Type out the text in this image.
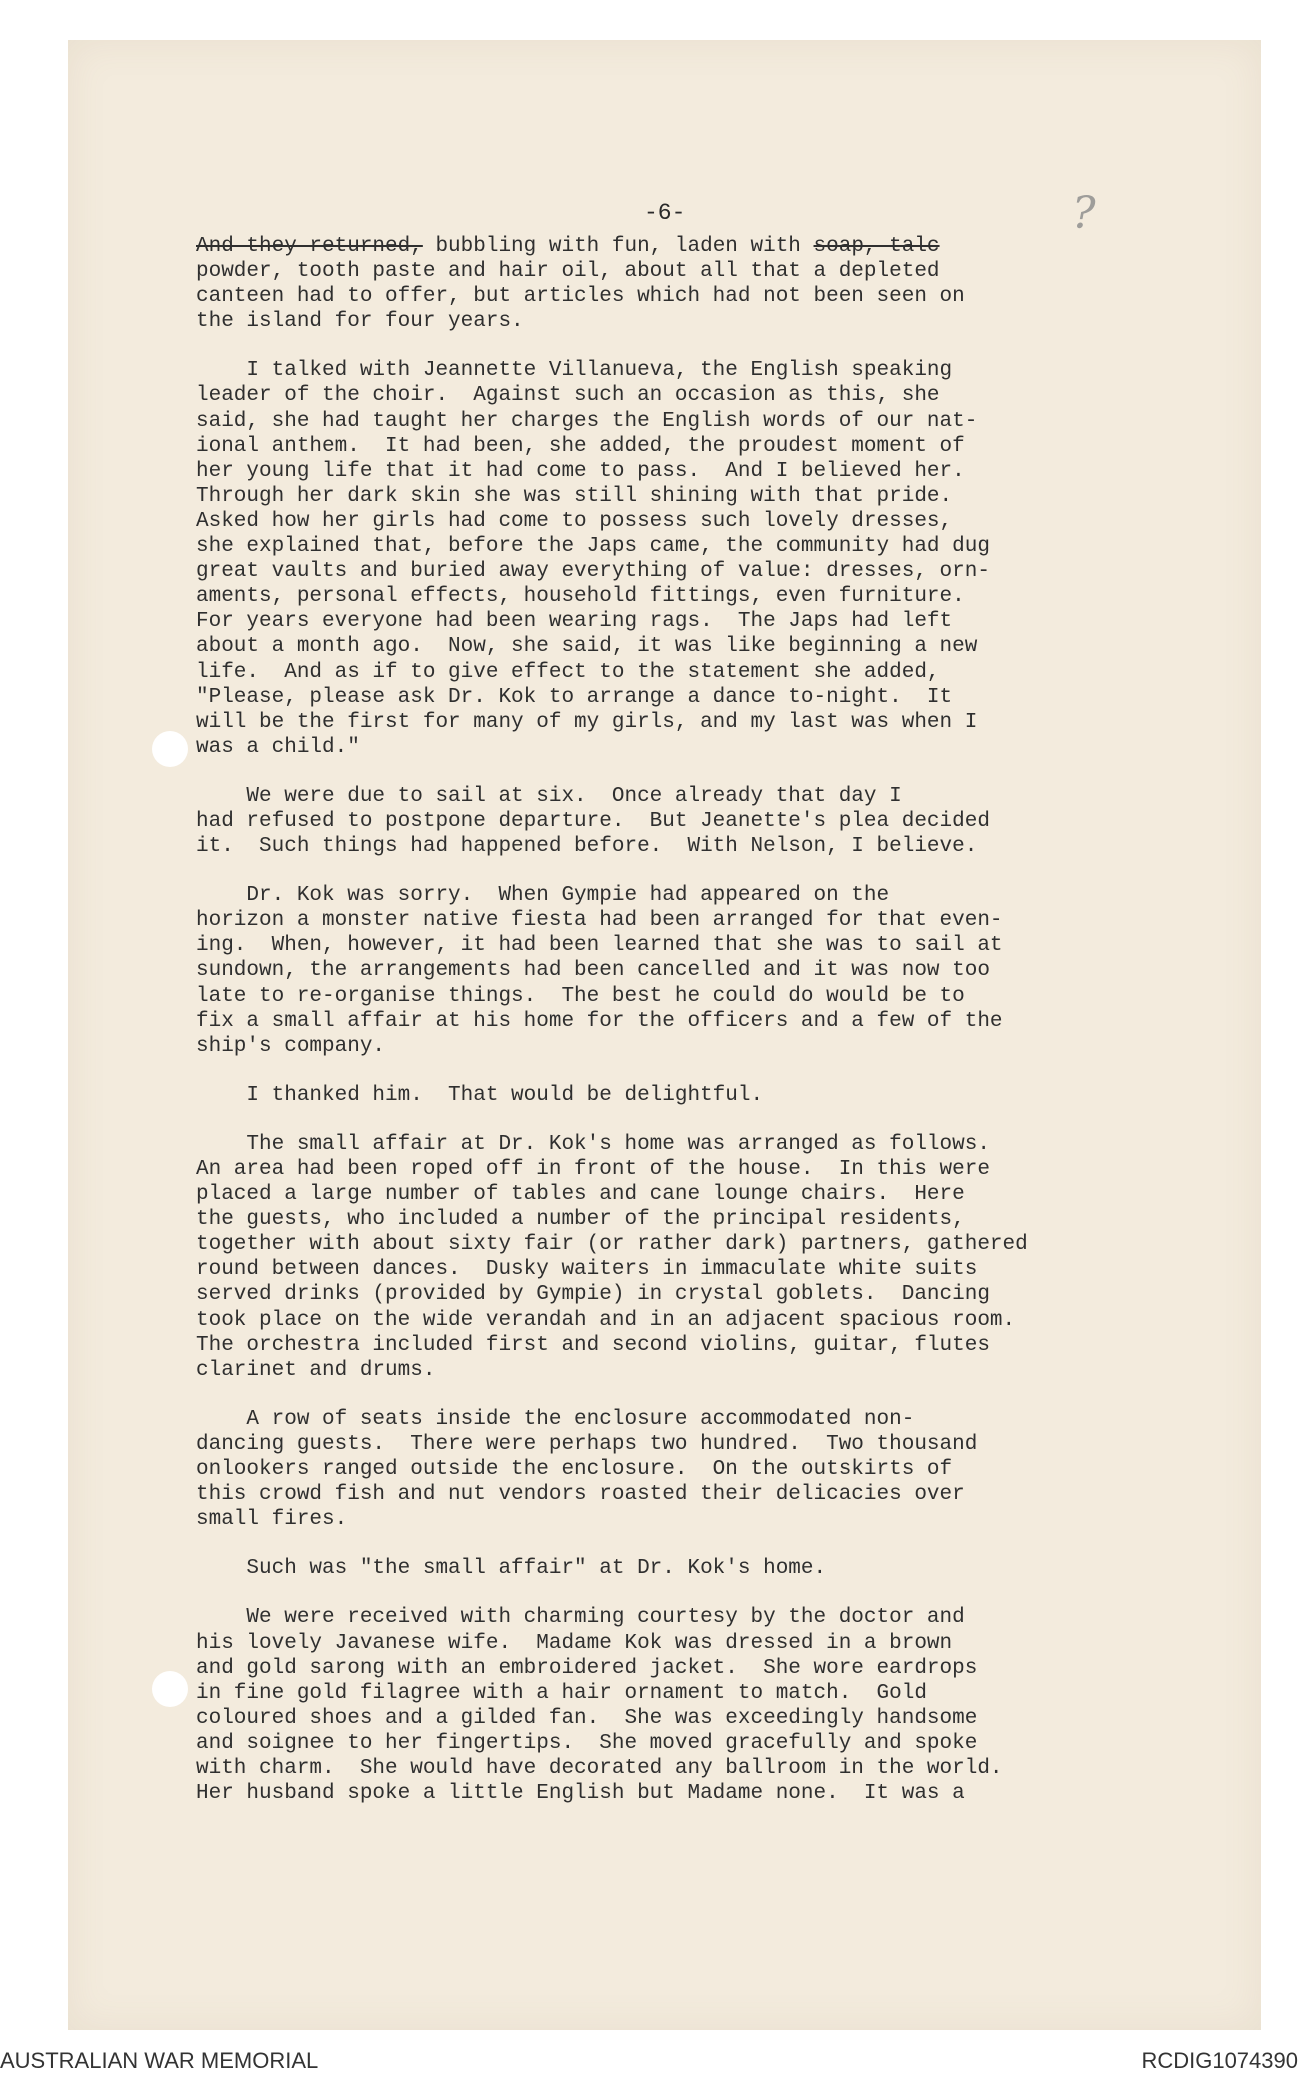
-6-	?
And they returned, bubbling with fun, laden with soap, talc
powder, tooth paste and hair oil, about all that a depleted
canteen had to offer, but articles which had not been seen on
the island for four years.
I talked with Jeannette Villanueva, the English speaking
leader of the choir.  Against such an occasion as this, she
said, she had taught her charges the English words of our nat-
ional anthem.  It had been, she added, the proudest moment of
her young life that it had come to pass.  And I believed her.
Through her dark skin she was still shining with that pride.
Asked how her girls had come to possess such lovely dresses,
she explained that, before the Japs came, the community had dug
great vaults and buried away everything of value: dresses, orn-
aments, personal effects, household fittings, even furniture.
For years everyone had been wearing rags.  The Japs had left
about a month ago.  Now, she said, it was like beginning a new
life.  And as if to give effect to the statement she added,
"Please, please ask Dr. Kok to arrange a dance to-night.  It
will be the first for many of my girls, and my last was when I
was a child."
We were due to sail at six.  Once already that day I
had refused to postpone departure.  But Jeanette's plea decided
it.  Such things had happened before.  With Nelson, I believe.
Dr. Kok was sorry.  When Gympie had appeared on the
horizon a monster native fiesta had been arranged for that even-
ing.  When, however, it had been learned that she was to sail at
sundown, the arrangements had been cancelled and it was now too
late to re-organise things.  The best he could do would be to
fix a small affair at his home for the officers and a few of the
ship's company.
I thanked him.  That would be delightful.
The small affair at Dr. Kok's home was arranged as follows.
An area had been roped off in front of the house.  In this were
placed a large number of tables and cane lounge chairs.  Here
the guests, who included a number of the principal residents,
together with about sixty fair (or rather dark) partners, gathered
round between dances.  Dusky waiters in immaculate white suits
served drinks (provided by Gympie) in crystal goblets.  Dancing
took place on the wide verandah and in an adjacent spacious room.
The orchestra included first and second violins, guitar, flutes
clarinet and drums.
A row of seats inside the enclosure accommodated non-
dancing guests.  There were perhaps two hundred.  Two thousand
onlookers ranged outside the enclosure.  On the outskirts of
this crowd fish and nut vendors roasted their delicacies over
small fires.
Such was "the small affair" at Dr. Kok's home.
We were received with charming courtesy by the doctor and
his lovely Javanese wife.  Madame Kok was dressed in a brown
and gold sarong with an embroidered jacket.  She wore eardrops
in fine gold filagree with a hair ornament to match.  Gold
coloured shoes and a gilded fan.  She was exceedingly handsome
and soignee to her fingertips.  She moved gracefully and spoke
with charm.  She would have decorated any ballroom in the world.
Her husband spoke a little English but Madame none.  It was a
AUSTRALIAN WAR MEMORIAL	RCDIG1074390
